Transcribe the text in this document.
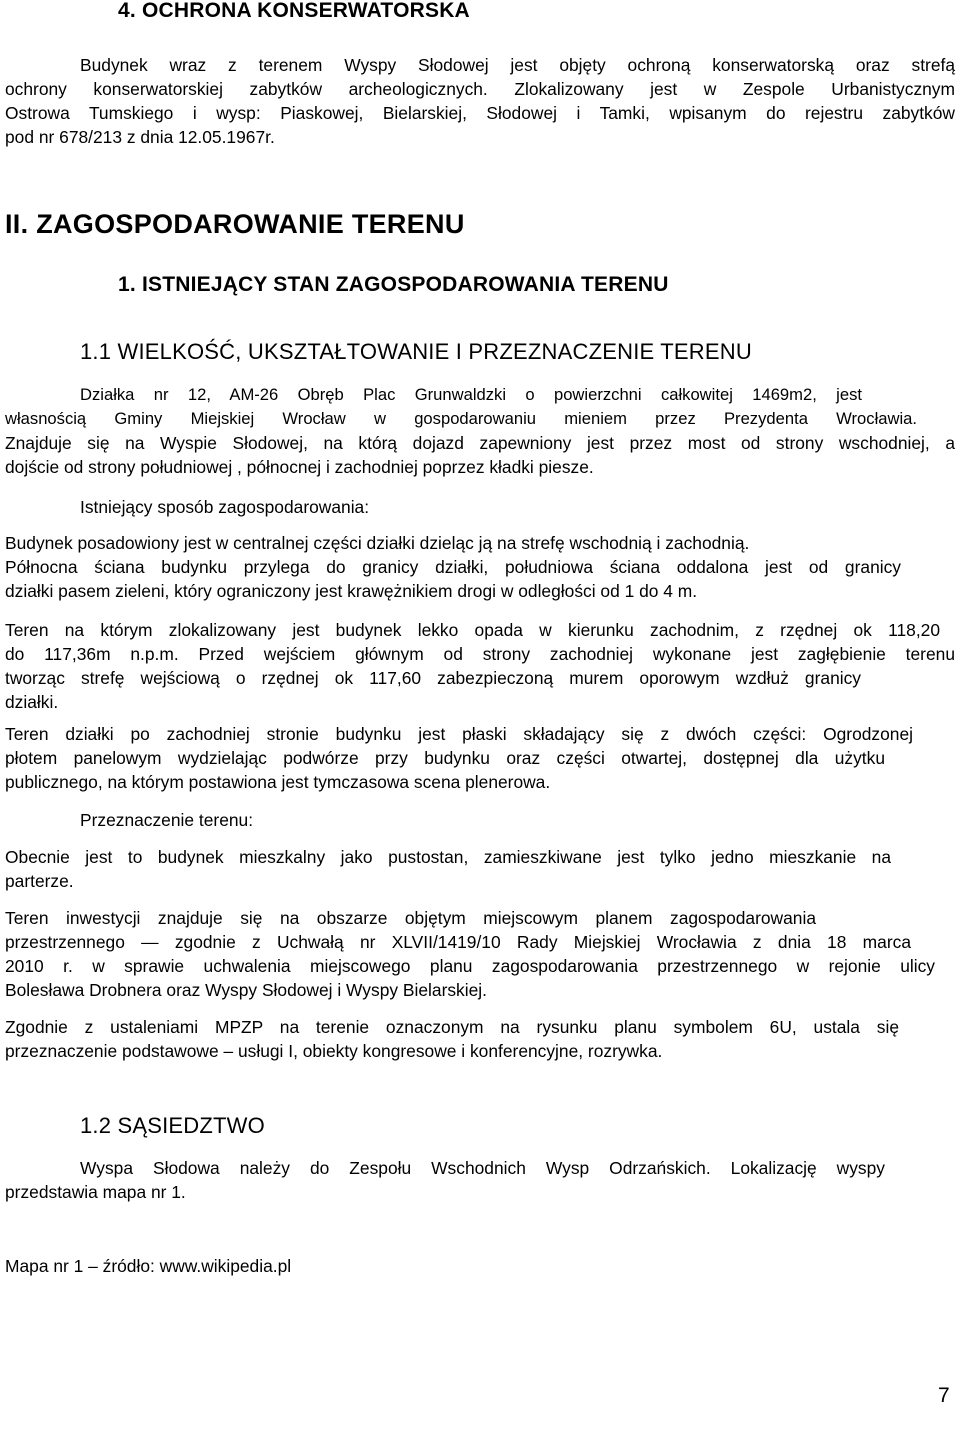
4. OCHRONA KONSERWATORSKA

Budynek wraz z terenem Wyspy Słodowej jest objęty ochroną konserwatorską oraz strefą

ochrony konserwatorskiej zabytków archeologicznych. Zlokalizowany jest w Zespole Urbanistycznym

Ostrowa Tumskiego i wysp: Piaskowej, Bielarskiej, Słodowej i Tamki, wpisanym do rejestru zabytków

pod nr 678/213 z dnia 12.05.1967r.

II. ZAGOSPODAROWANIE TERENU

1. ISTNIEJĄCY STAN ZAGOSPODAROWANIA TERENU

1.1 WIELKOŚĆ, UKSZTAŁTOWANIE I PRZEZNACZENIE TERENU

Działka nr 12, AM-26 Obręb Plac Grunwaldzki o powierzchni całkowitej 1469m2, jest

własnością Gminy Miejskiej Wrocław w gospodarowaniu mieniem przez Prezydenta Wrocławia.

Znajduje się na Wyspie Słodowej, na którą dojazd zapewniony jest przez most od strony wschodniej, a

dojście od strony południowej , północnej i zachodniej poprzez kładki piesze.

Istniejący sposób zagospodarowania:

Budynek posadowiony jest w centralnej części działki dzieląc ją na strefę wschodnią i zachodnią.

Północna ściana budynku przylega do granicy działki, południowa ściana oddalona jest od granicy

działki pasem zieleni, który ograniczony jest krawężnikiem drogi w odległości od 1 do 4 m.

Teren na którym zlokalizowany jest budynek lekko opada w kierunku zachodnim, z rzędnej ok 118,20

do 117,36m n.p.m. Przed wejściem głównym od strony zachodniej wykonane jest zagłębienie terenu

tworząc strefę wejściową o rzędnej ok 117,60 zabezpieczoną murem oporowym wzdłuż granicy

działki.

Teren działki po zachodniej stronie budynku jest płaski składający się z dwóch części: Ogrodzonej

płotem panelowym wydzielając podwórze przy budynku oraz części otwartej, dostępnej dla użytku

publicznego, na którym postawiona jest tymczasowa scena plenerowa.

Przeznaczenie terenu:

Obecnie jest to budynek mieszkalny jako pustostan, zamieszkiwane jest tylko jedno mieszkanie na

parterze.

Teren inwestycji znajduje się na obszarze objętym miejscowym planem zagospodarowania

przestrzennego — zgodnie z Uchwałą nr XLVII/1419/10 Rady Miejskiej Wrocławia z dnia 18 marca

2010 r. w sprawie uchwalenia miejscowego planu zagospodarowania przestrzennego w rejonie ulicy

Bolesława Drobnera oraz Wyspy Słodowej i Wyspy Bielarskiej.

Zgodnie z ustaleniami MPZP na terenie oznaczonym na rysunku planu symbolem 6U, ustala się

przeznaczenie podstawowe – usługi I, obiekty kongresowe i konferencyjne, rozrywka.

1.2 SĄSIEDZTWO

Wyspa Słodowa należy do Zespołu Wschodnich Wysp Odrzańskich. Lokalizację wyspy

przedstawia mapa nr 1.

Mapa nr 1 – źródło: www.wikipedia.pl

7
